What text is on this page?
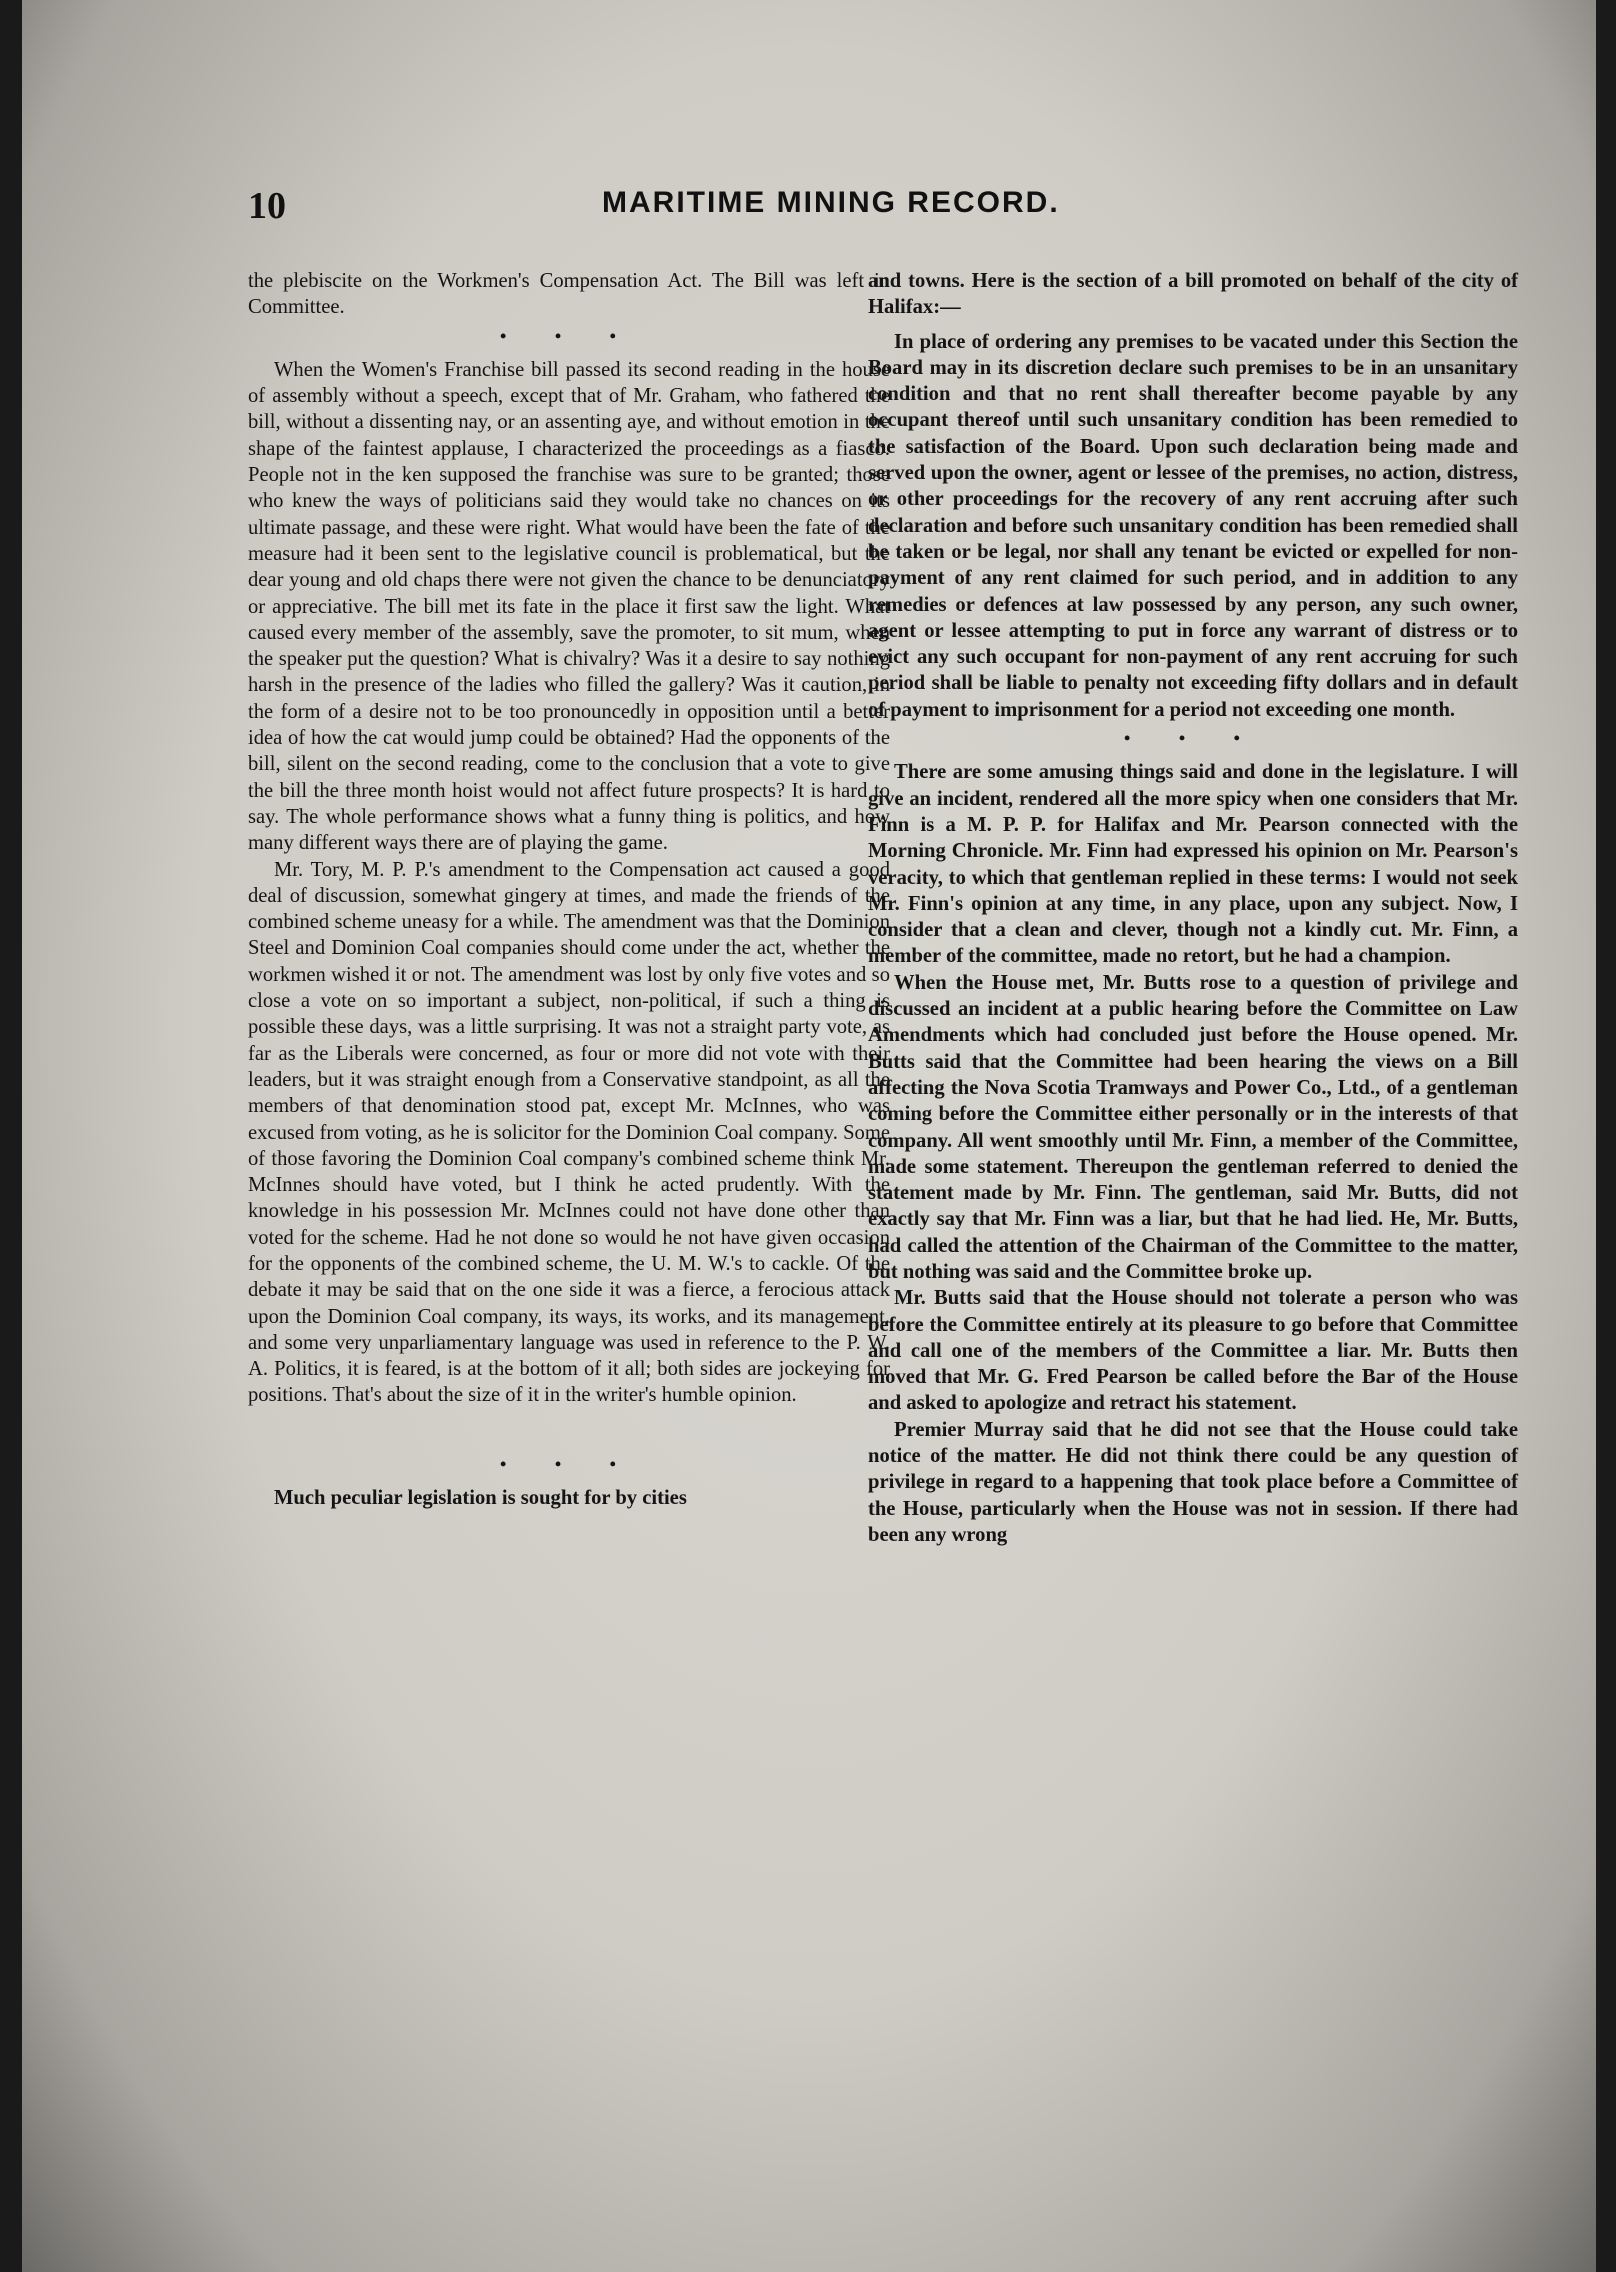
10	MARITIME MINING RECORD.

the plebiscite on the Workmen's Compensation Act. The Bill was left in Committee.

• • •

When the Women's Franchise bill passed its second reading in the house of assembly without a speech, except that of Mr. Graham, who fathered the bill, without a dissenting nay, or an assenting aye, and without emotion in the shape of the faintest applause, I characterized the proceedings as a fiasco. People not in the ken supposed the franchise was sure to be granted; those who knew the ways of politicians said they would take no chances on its ultimate passage, and these were right. What would have been the fate of the measure had it been sent to the legislative council is problematical, but the dear young and old chaps there were not given the chance to be denunciatory or appreciative. The bill met its fate in the place it first saw the light. What caused every member of the assembly, save the promoter, to sit mum, when the speaker put the question? What is chivalry? Was it a desire to say nothing harsh in the presence of the ladies who filled the gallery? Was it caution, in the form of a desire not to be too pronouncedly in opposition until a better idea of how the cat would jump could be obtained? Had the opponents of the bill, silent on the second reading, come to the conclusion that a vote to give the bill the three month hoist would not affect future prospects? It is hard to say. The whole performance shows what a funny thing is politics, and how many different ways there are of playing the game.

Mr. Tory, M. P. P.'s amendment to the Compensation act caused a good deal of discussion, somewhat gingery at times, and made the friends of the combined scheme uneasy for a while. The amendment was that the Dominion Steel and Dominion Coal companies should come under the act, whether the workmen wished it or not. The amendment was lost by only five votes and so close a vote on so important a subject, non-political, if such a thing is possible these days, was a little surprising. It was not a straight party vote, as far as the Liberals were concerned, as four or more did not vote with their leaders, but it was straight enough from a Conservative standpoint, as all the members of that denomination stood pat, except Mr. McInnes, who was excused from voting, as he is solicitor for the Dominion Coal company. Some of those favoring the Dominion Coal company's combined scheme think Mr. McInnes should have voted, but I think he acted prudently. With the knowledge in his possession Mr. McInnes could not have done other than voted for the scheme. Had he not done so would he not have given occasion for the opponents of the combined scheme, the U. M. W.'s to cackle. Of the debate it may be said that on the one side it was a fierce, a ferocious attack upon the Dominion Coal company, its ways, its works, and its management. and some very unparliamentary language was used in reference to the P. W. A. Politics, it is feared, is at the bottom of it all; both sides are jockeying for positions. That's about the size of it in the writer's humble opinion.

• • •

Much peculiar legislation is sought for by cities

and towns. Here is the section of a bill promoted on behalf of the city of Halifax:—

In place of ordering any premises to be vacated under this Section the Board may in its discretion declare such premises to be in an unsanitary condition and that no rent shall thereafter become payable by any occupant thereof until such unsanitary condition has been remedied to the satisfaction of the Board. Upon such declaration being made and served upon the owner, agent or lessee of the premises, no action, distress, or other proceedings for the recovery of any rent accruing after such declaration and before such unsanitary condition has been remedied shall be taken or be legal, nor shall any tenant be evicted or expelled for non-payment of any rent claimed for such period, and in addition to any remedies or defences at law possessed by any person, any such owner, agent or lessee attempting to put in force any warrant of distress or to evict any such occupant for non-payment of any rent accruing for such period shall be liable to penalty not exceeding fifty dollars and in default of payment to imprisonment for a period not exceeding one month.

• • •

There are some amusing things said and done in the legislature. I will give an incident, rendered all the more spicy when one considers that Mr. Finn is a M. P. P. for Halifax and Mr. Pearson connected with the Morning Chronicle. Mr. Finn had expressed his opinion on Mr. Pearson's veracity, to which that gentleman replied in these terms: I would not seek Mr. Finn's opinion at any time, in any place, upon any subject. Now, I consider that a clean and clever, though not a kindly cut. Mr. Finn, a member of the committee, made no retort, but he had a champion.

When the House met, Mr. Butts rose to a question of privilege and discussed an incident at a public hearing before the Committee on Law Amendments which had concluded just before the House opened. Mr. Butts said that the Committee had been hearing the views on a Bill affecting the Nova Scotia Tramways and Power Co., Ltd., of a gentleman coming before the Committee either personally or in the interests of that company. All went smoothly until Mr. Finn, a member of the Committee, made some statement. Thereupon the gentleman referred to denied the statement made by Mr. Finn. The gentleman, said Mr. Butts, did not exactly say that Mr. Finn was a liar, but that he had lied. He, Mr. Butts, had called the attention of the Chairman of the Committee to the matter, but nothing was said and the Committee broke up.

Mr. Butts said that the House should not tolerate a person who was before the Committee entirely at its pleasure to go before that Committee and call one of the members of the Committee a liar. Mr. Butts then moved that Mr. G. Fred Pearson be called before the Bar of the House and asked to apologize and retract his statement.

Premier Murray said that he did not see that the House could take notice of the matter. He did not think there could be any question of privilege in regard to a happening that took place before a Committee of the House, particularly when the House was not in session. If there had been any wrong
